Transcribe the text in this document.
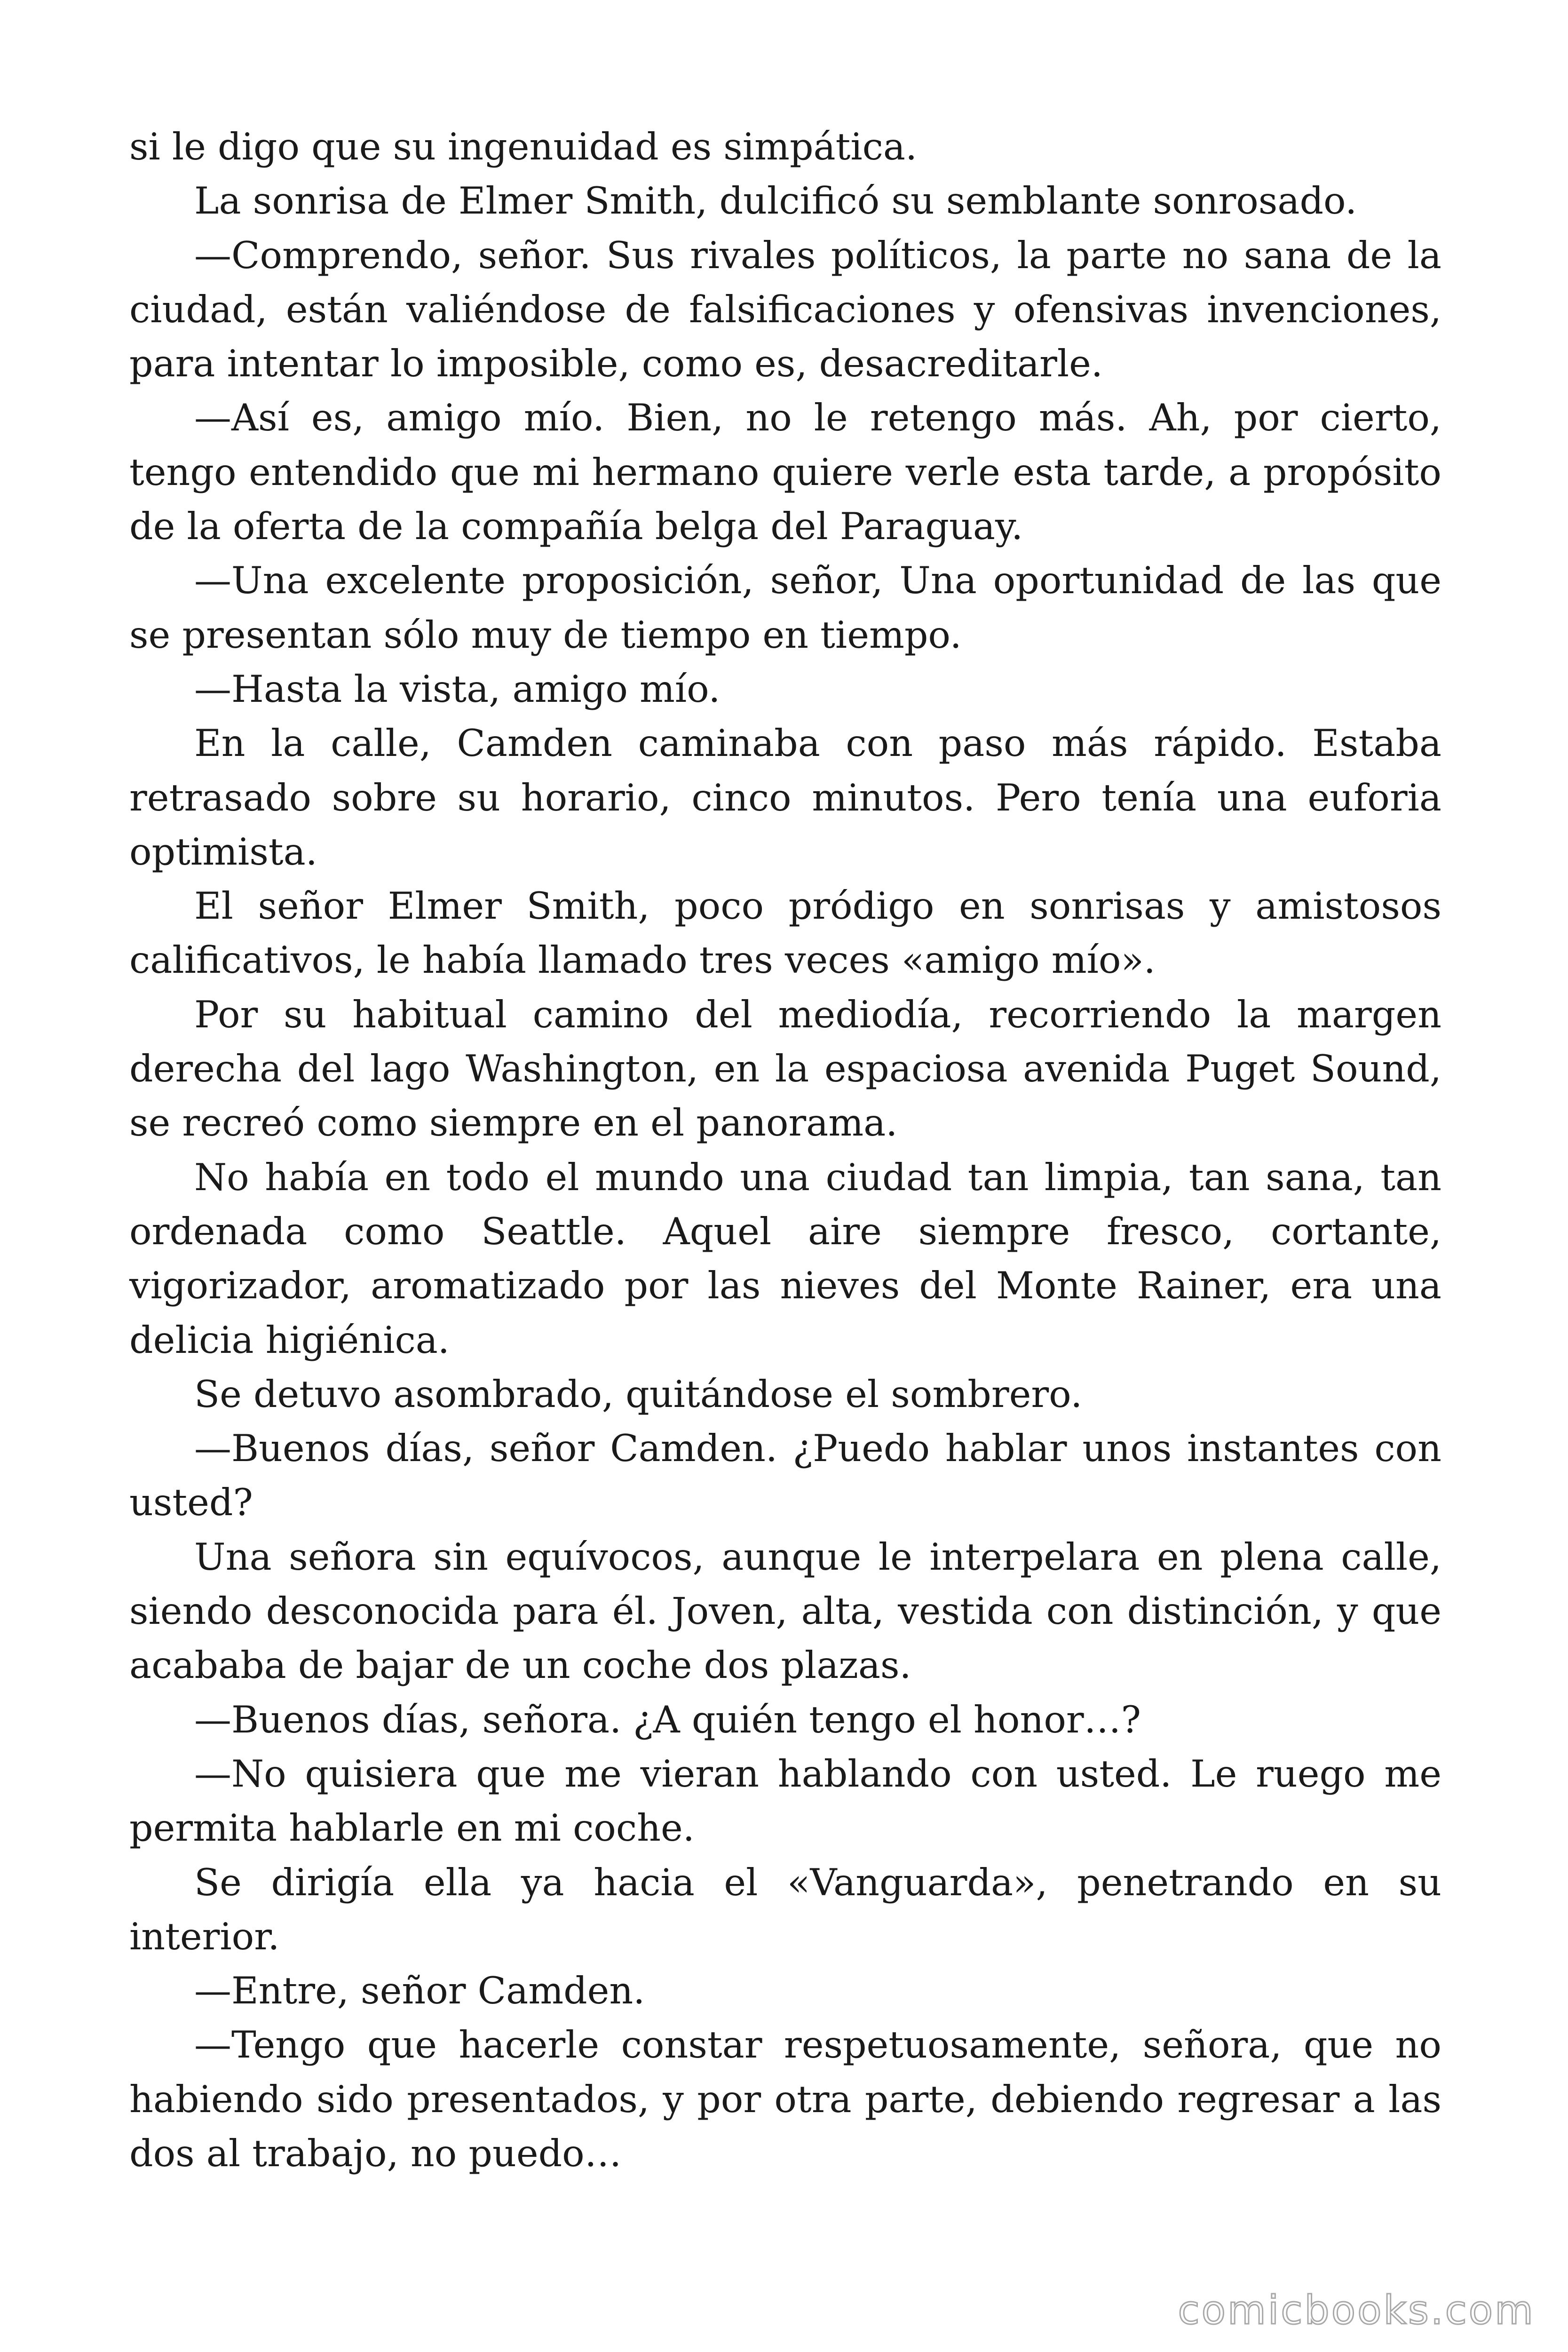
si le digo que su ingenuidad es simpática.

La sonrisa de Elmer Smith, dulcificó su semblante sonrosado.

—Comprendo, señor. Sus rivales políticos, la parte no sana de la ciudad, están valiéndose de falsificaciones y ofensivas invenciones, para intentar lo imposible, como es, desacreditarle.

—Así es, amigo mío. Bien, no le retengo más. Ah, por cierto, tengo entendido que mi hermano quiere verle esta tarde, a propósito de la oferta de la compañía belga del Paraguay.

—Una excelente proposición, señor, Una oportunidad de las que se presentan sólo muy de tiempo en tiempo.

—Hasta la vista, amigo mío.

En la calle, Camden caminaba con paso más rápido. Estaba retrasado sobre su horario, cinco minutos. Pero tenía una euforia optimista.

El señor Elmer Smith, poco pródigo en sonrisas y amistosos calificativos, le había llamado tres veces «amigo mío».

Por su habitual camino del mediodía, recorriendo la margen derecha del lago Washington, en la espaciosa avenida Puget Sound, se recreó como siempre en el panorama.

No había en todo el mundo una ciudad tan limpia, tan sana, tan ordenada como Seattle. Aquel aire siempre fresco, cortante, vigorizador, aromatizado por las nieves del Monte Rainer, era una delicia higiénica.

Se detuvo asombrado, quitándose el sombrero.

—Buenos días, señor Camden. ¿Puedo hablar unos instantes con usted?

Una señora sin equívocos, aunque le interpelara en plena calle, siendo desconocida para él. Joven, alta, vestida con distinción, y que acababa de bajar de un coche dos plazas.

—Buenos días, señora. ¿A quién tengo el honor…?

—No quisiera que me vieran hablando con usted. Le ruego me permita hablarle en mi coche.

Se dirigía ella ya hacia el «Vanguarda», penetrando en su interior.

—Entre, señor Camden.

—Tengo que hacerle constar respetuosamente, señora, que no habiendo sido presentados, y por otra parte, debiendo regresar a las dos al trabajo, no puedo…

comicbooks.com
